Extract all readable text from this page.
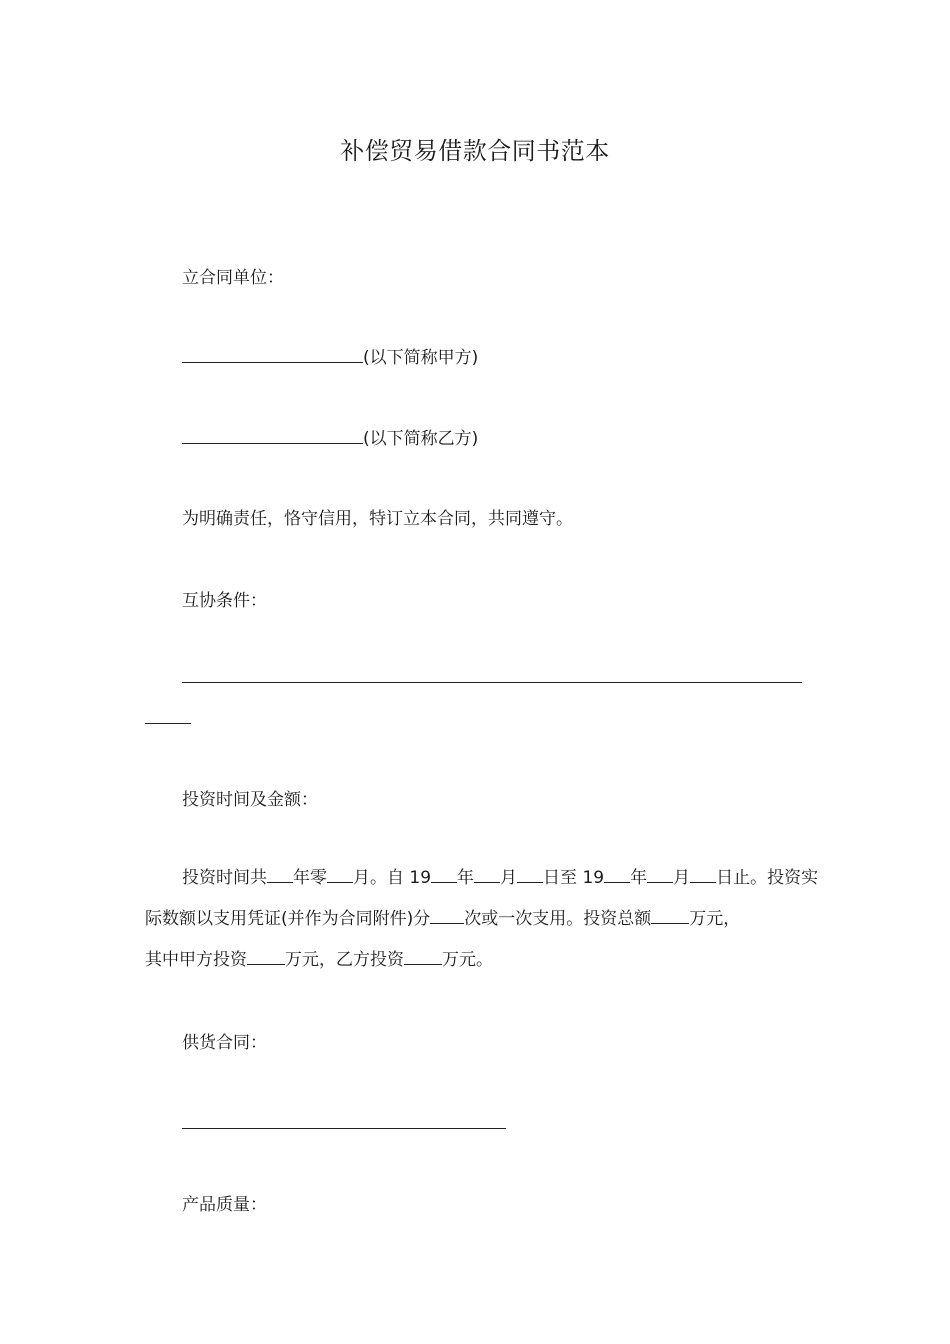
补偿贸易借款合同书范本
立合同单位：
(以下简称甲方)
(以下简称乙方)
为明确责任，恪守信用，特订立本合同，共同遵守。
互协条件：
投资时间及金额：
投资时间共 年零 月。自 19 年 月 日至 19 年 月 日止。投资实
际数额以支用凭证(并作为合同附件)分 次或一次支用。投资总额 万元，
其中甲方投资 万元，乙方投资 万元。
供货合同：
产品质量：
